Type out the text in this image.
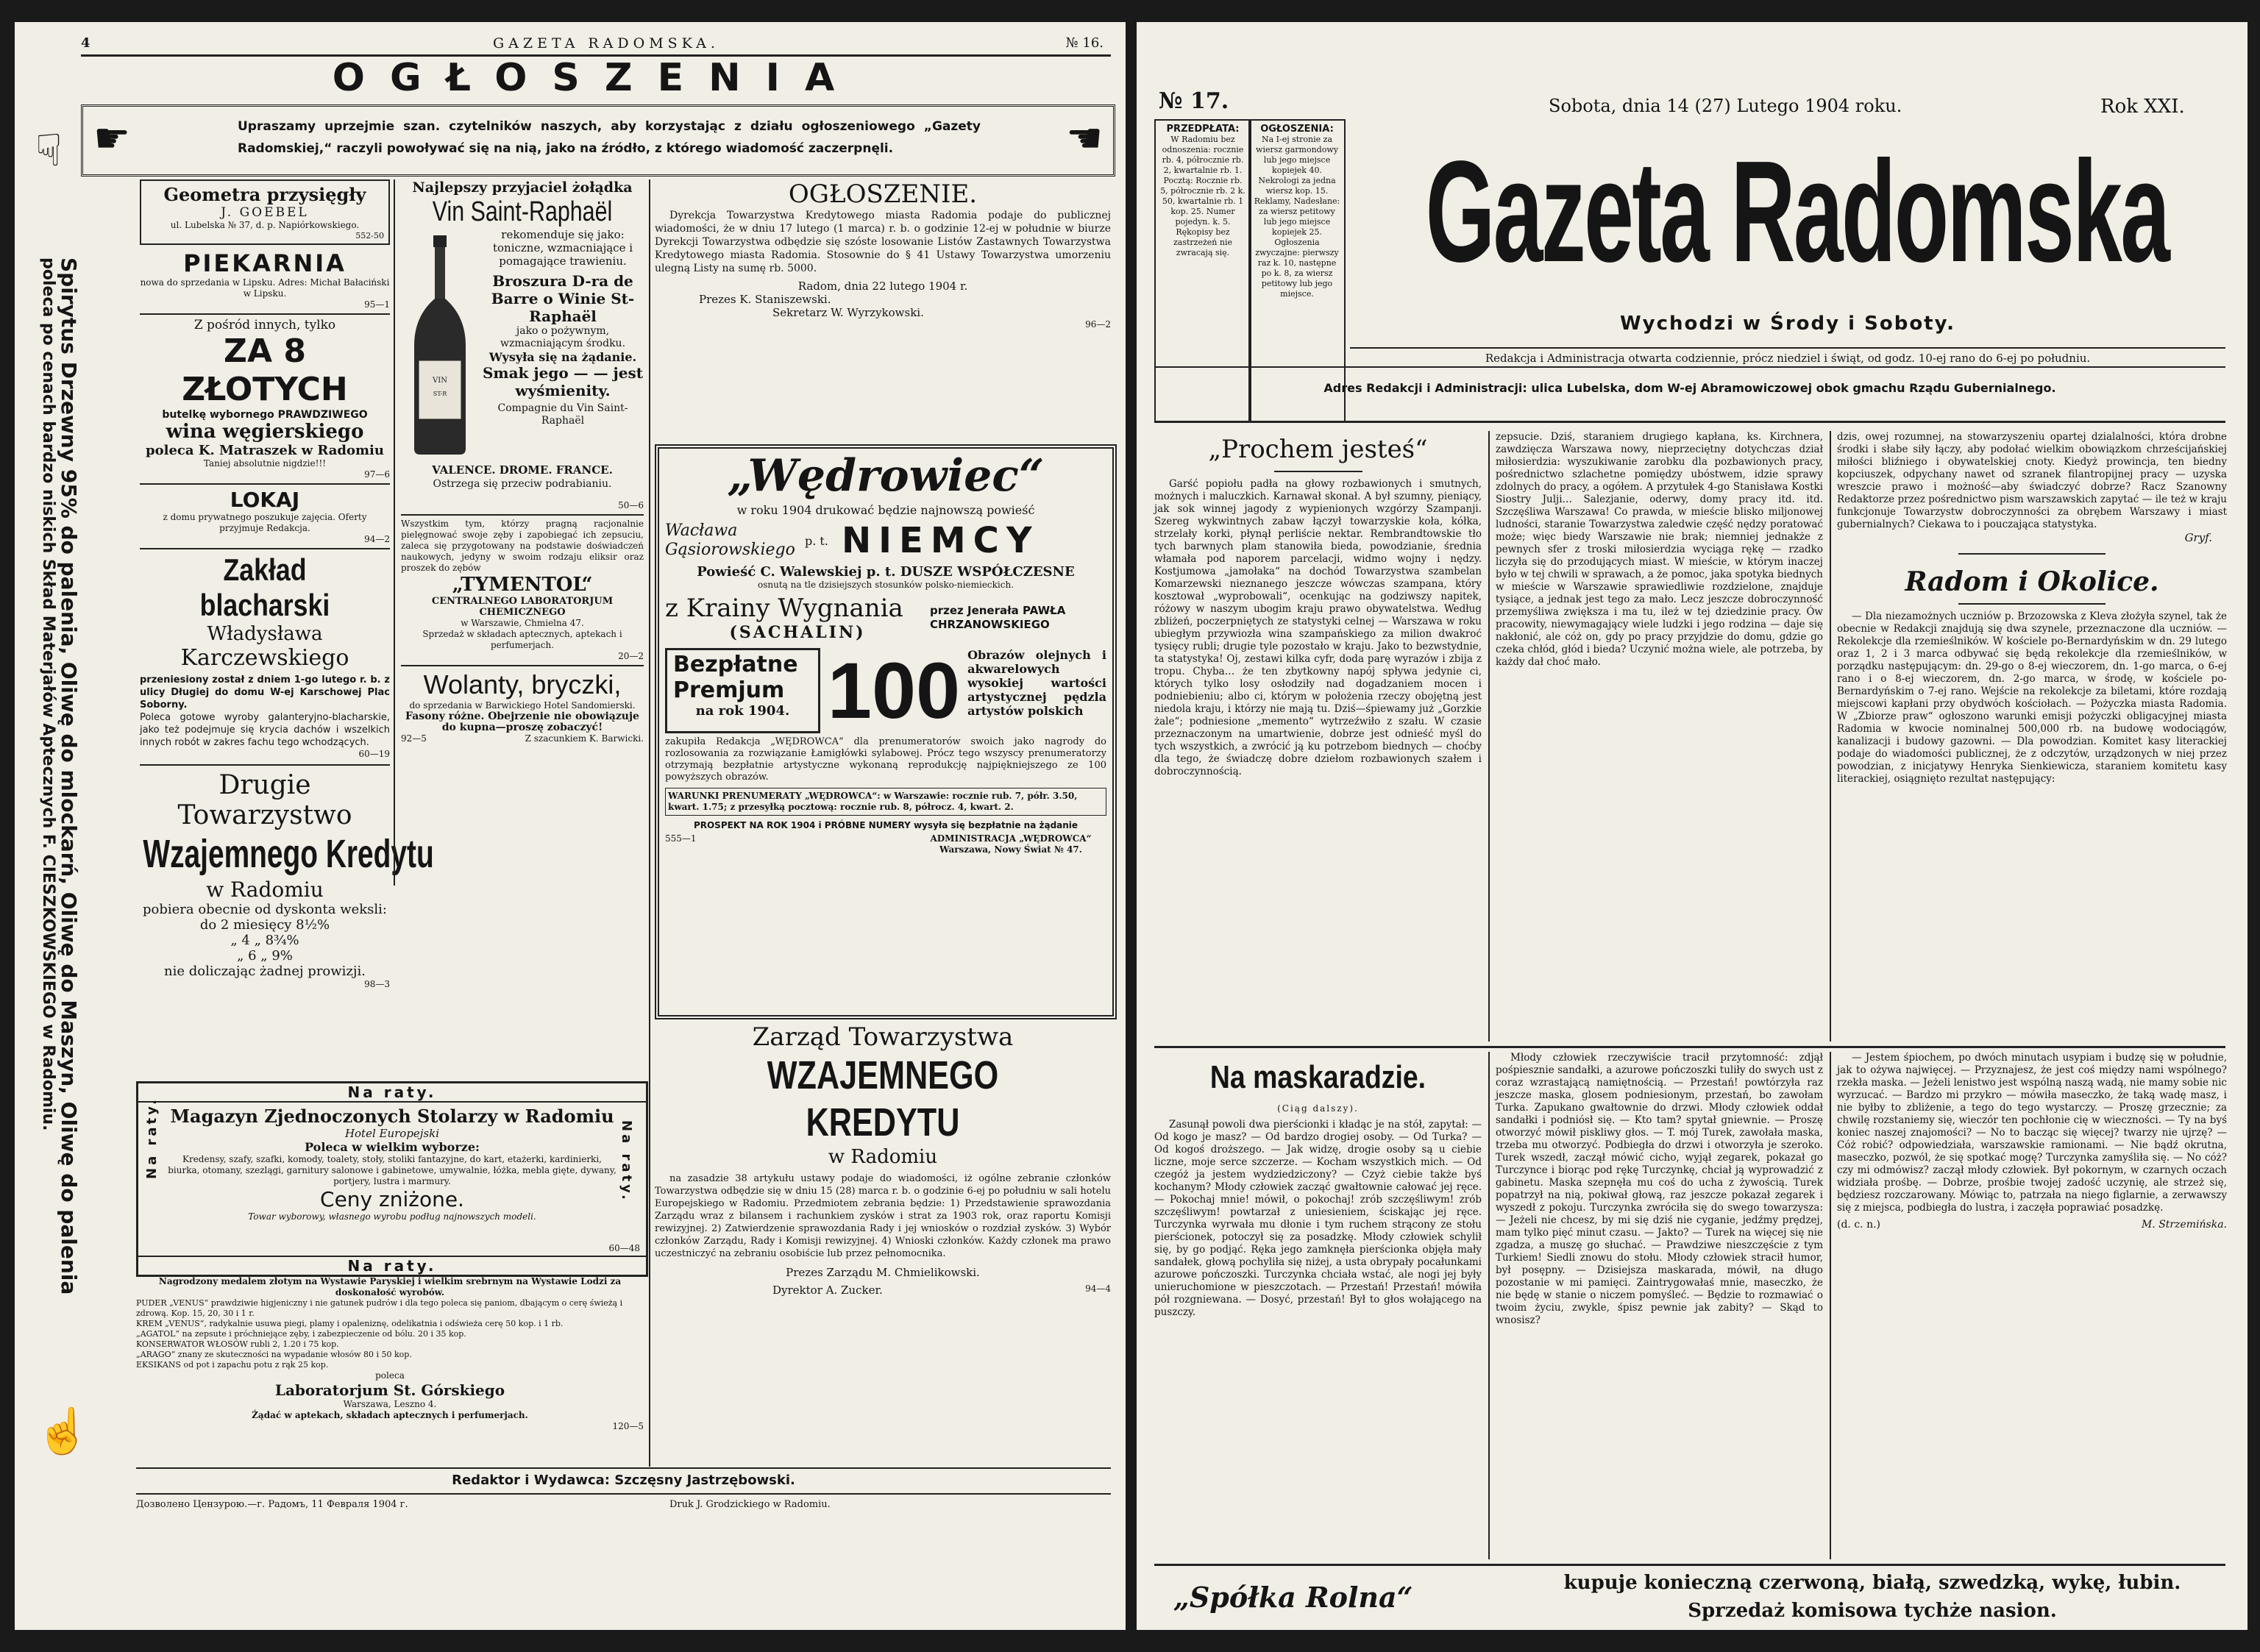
4	GAZETA RADOMSKA.	№ 16.
OGŁOSZENIA
☛	Upraszamy uprzejmie szan. czytelników naszych, aby korzystając z działu ogłoszeniowego „Gazety Radomskiej,“ raczyli powoływać się na nią, jako na źródło, z którego wiadomość zaczerpnęli.	☛
☟
Spirytus Drzewny 95% do palenia, Oliwę do mlockarń, Oliwę do Maszyn, Oliwę do palenia
poleca po cenach bardzo niskich Skład Materjałów Aptecznych F. CIESZKOWSKIEGO w Radomiu.
☝
Geometra przysięgły
J. GOEBEL
ul. Lubelska № 37, d. p. Napiórkowskiego.
552-50
PIEKARNIA
nowa do sprzedania w Lipsku. Adres: Michał Bałaciński w Lipsku.
95—1
Z pośród innych, tylko
ZA 8 ZŁOTYCH
butelkę wybornego PRAWDZIWEGO
wina węgierskiego
poleca K. Matraszek w Radomiu
Taniej absolutnie nigdzie!!!
97—6
LOKAJ
z domu prywatnego poszukuje zajęcia. Oferty przyjmuje Redakcja.
94—2
Zakład blacharski
Władysława
Karczewskiego
przeniesiony został z dniem 1-go lutego r. b. z ulicy Długiej do domu W-ej Karschowej Plac Soborny.
Poleca gotowe wyroby galanteryjno-blacharskie, jako też podejmuje się krycia dachów i wszelkich innych robót w zakres fachu tego wchodzących.
60—19
Drugie Towarzystwo
Wzajemnego Kredytu
w Radomiu
pobiera obecnie od dyskonta weksli:
do 2 miesięcy 8½%
„ 4 „ 8¾%
„ 6 „ 9%
nie doliczając żadnej prowizji.
98—3
Najlepszy przyjaciel żołądka
Vin Saint-Raphaël
VIN
ST-R
rekomenduje się jako: toniczne, wzmacniające i pomagające trawieniu.
Broszura D-ra de Barre o Winie St-Raphaël
jako o pożywnym, wzmacniającym środku.
Wysyła się na żądanie.
Smak jego — — jest wyśmienity.
Compagnie du Vin Saint-Raphaël
VALENCE. DROME. FRANCE.
Ostrzega się przeciw podrabianiu.
50—6
Wszystkim tym, którzy pragną racjonalnie pielęgnować swoje zęby i zapobiegać ich zepsuciu, zaleca się przygotowany na podstawie doświadczeń naukowych, jedyny w swoim rodzaju eliksir oraz proszek do zębów
„TYMENTOL“
CENTRALNEGO LABORATORJUM CHEMICZNEGO
w Warszawie, Chmielna 47.
Sprzedaż w składach aptecznych, aptekach i perfumerjach.
20—2
Wolanty, bryczki,
do sprzedania w Barwickiego Hotel Sandomierski.
Fasony różne. Obejrzenie nie obowiązuje do kupna—proszę zobaczyć!
92—5	Z szacunkiem K. Barwicki.
OGŁOSZENIE.
Dyrekcja Towarzystwa Kredytowego miasta Radomia podaje do publicznej wiadomości, że w dniu 17 lutego (1 marca) r. b. o godzinie 12-ej w południe w biurze Dyrekcji Towarzystwa odbędzie się szóste losowanie Listów Zastawnych Towarzystwa Kredytowego miasta Radomia. Stosownie do § 41 Ustawy Towarzystwa umorzeniu ulegną Listy na sumę rb. 5000.
Radom, dnia 22 lutego 1904 r.
Prezes K. Staniszewski.
Sekretarz W. Wyrzykowski.
96—2
„Wędrowiec“
w roku 1904 drukować będzie najnowszą powieść
Wacława Gąsiorowskiego p. t. NIEMCY
Powieść C. Walewskiej p. t. DUSZE WSPÓŁCZESNE
osnutą na tle dzisiejszych stosunków polsko-niemieckich.
z Krainy Wygnania
(SACHALIN)
przez Jenerała PAWŁA CHRZANOWSKIEGO
Bezpłatne
Premjum
na rok 1904. 100 Obrazów olejnych i akwarelowych wysokiej wartości artystycznej pędzla artystów polskich
zakupiła Redakcja „WĘDROWCA“ dla prenumeratorów swoich jako nagrody do rozlosowania za rozwiązanie Łamigłówki sylabowej. Prócz tego wszyscy prenumeratorzy otrzymają bezpłatnie artystyczne wykonaną reprodukcję najpiękniejszego ze 100 powyższych obrazów.
WARUNKI PRENUMERATY „WĘDROWCA“: w Warszawie: rocznie rub. 7, półr. 3.50, kwart. 1.75; z przesyłką pocztową: rocznie rub. 8, półrocz. 4, kwart. 2.
PROSPEKT NA ROK 1904 i PRÓBNE NUMERY wysyła się bezpłatnie na żądanie
555—1	ADMINISTRACJA „WĘDROWCA“ Warszawa, Nowy Świat № 47.
Zarząd Towarzystwa
WZAJEMNEGO KREDYTU
w Radomiu
na zasadzie 38 artykułu ustawy podaje do wiadomości, iż ogólne zebranie członków Towarzystwa odbędzie się w dniu 15 (28) marca r. b. o godzinie 6-ej po południu w sali hotelu Europejskiego w Radomiu. Przedmiotem zebrania będzie: 1) Przedstawienie sprawozdania Zarządu wraz z bilansem i rachunkiem zysków i strat za 1903 rok, oraz raportu Komisji rewizyjnej. 2) Zatwierdzenie sprawozdania Rady i jej wniosków o rozdział zysków. 3) Wybór członków Zarządu, Rady i Komisji rewizyjnej. 4) Wnioski członków. Każdy członek ma prawo uczestniczyć na zebraniu osobiście lub przez pełnomocnika.
Prezes Zarządu M. Chmielikowski.
Dyrektor A. Zucker.	94—4
Na raty.
Na raty.	Na raty.
Magazyn Zjednoczonych Stolarzy w Radomiu
Hotel Europejski
Poleca w wielkim wyborze:
Kredensy, szafy, szafki, komody, toalety, stoły, stoliki fantazyjne, do kart, etażerki, kardinierki, biurka, otomany, szezlągi, garnitury salonowe i gabinetowe, umywalnie, łóżka, mebla gięte, dywany, portjery, lustra i marmury.
Ceny zniżone.
Towar wyborowy, własnego wyrobu podług najnowszych modeli.
60—48
Na raty.
Nagrodzony medalem złotym na Wystawie Paryskiej i wielkim srebrnym na Wystawie Lodzi za doskonałość wyrobów.
PUDER „VENUS“ prawdziwie higjeniczny i nie gatunek pudrów i dla tego poleca się paniom, dbającym o cerę świeżą i zdrową. Kop. 15, 20, 30 i 1 r.
KREM „VENUS“, radykalnie usuwa piegi, plamy i opaleniznę, odelikatnia i odświeża cerę 50 kop. i 1 rb.
„AGATOL“ na zepsute i próchniejące zęby, i zabezpieczenie od bólu. 20 i 35 kop.
KONSERWATOR WŁOSÓW rubli 2, 1.20 i 75 kop.
„ARAGO“ znany ze skuteczności na wypadanie włosów 80 i 50 kop.
EKSIKANS od pot i zapachu potu z rąk 25 kop.
poleca
Laboratorjum St. Górskiego
Warszawa, Leszno 4.
Żądać w aptekach, składach aptecznych i perfumerjach.
120—5
Redaktor i Wydawca: Szczęsny Jastrzębowski.
Дозволено Цензурою.—г. Радомъ, 11 Февраля 1904 г.	Druk J. Grodzickiego w Radomiu.
№ 17.	Sobota, dnia 14 (27) Lutego 1904 roku.	Rok XXI.
PRZEDPŁATA:
W Radomiu bez odnoszenia: rocznie rb. 4, półrocznie rb. 2, kwartalnie rb. 1. Pocztą: Rocznie rb. 5, półrocznie rb. 2 k. 50, kwartalnie rb. 1 kop. 25. Numer pojedyn. k. 5. Rękopisy bez zastrzeżeń nie zwracają się.
OGŁOSZENIA:
Na I-ej stronie za wiersz garmondowy lub jego miejsce kopiejek 40. Nekrologi za jedna wiersz kop. 15. Reklamy, Nadesłane: za wiersz petitowy lub jego miejsce kopiejek 25. Ogłoszenia zwyczajne: pierwszy raz k. 10, następne po k. 8, za wiersz petitowy lub jego miejsce.
Gazeta Radomska
Wychodzi w Środy i Soboty.
Redakcja i Administracja otwarta codziennie, prócz niedziel i świąt, od godz. 10-ej rano do 6-ej po południu.
Adres Redakcji i Administracji: ulica Lubelska, dom W-ej Abramowiczowej obok gmachu Rządu Gubernialnego.
„Prochem jesteś“
Garść popiołu padła na głowy rozbawionych i smutnych, możnych i maluczkich. Karnawał skonał. A był szumny, pieniący, jak sok winnej jagody z wypienionych wzgórzy Szampanji. Szereg wykwintnych zabaw łączył towarzyskie koła, kółka, strzelały korki, płynął perliście nektar. Rembrandtowskie tło tych barwnych plam stanowiła bieda, powodzianie, średnia włamała pod naporem parcelacji, widmo wojny i nędzy. Kostjumowa „jamołaka“ na dochód Towarzystwa szambelan Komarzewski nieznanego jeszcze wówczas szampana, który kosztował „wyprobowali“, ocenkując na godziwszy napitek, różowy w naszym ubogim kraju prawo obywatelstwa. Według zbliżeń, poczerpniętych ze statystyki celnej — Warszawa w roku ubiegłym przywiozła wina szampańskiego za milion dwakroć tysięcy rubli; drugie tyle pozostało w kraju. Jako to bezwstydnie, ta statystyka! Oj, zestawi kilka cyfr, doda parę wyrazów i zbija z tropu. Chyba… że ten zbytkowny napój spływa jedynie ci, których tylko losy osłodziły nad dogadzaniem mocen i podniebieniu; albo ci, którym w położenia rzeczy obojętną jest niedola kraju, i którzy nie mają tu. Dziś—śpiewamy już „Gorzkie żale“; podniesione „memento“ wytrzeźwiło z szału. W czasie przeznaczonym na umartwienie, dobrze jest odnieść myśl do tych wszystkich, a zwrócić ją ku potrzebom biednych — choćby dla tego, że świadczę dobre dziełom rozbawionych szałem i dobroczynnością.
zepsucie. Dziś, staraniem drugiego kapłana, ks. Kirchnera, zawdzięcza Warszawa nowy, nieprzeciętny dotychczas dział miłosierdzia: wyszukiwanie zarobku dla pozbawionych pracy, pośrednictwo szlachetne pomiędzy ubóstwem, idzie sprawy zdolnych do pracy, a ogółem. A przytułek 4-go Stanisława Kostki Siostry Julji… Salezjanie, oderwy, domy pracy itd. itd. Szczęśliwa Warszawa! Co prawda, w mieście blisko miljonowej ludności, staranie Towarzystwa zaledwie część nędzy poratować może; więc biedy Warszawie nie brak; niemniej jednakże z pewnych sfer z troski miłosierdzia wyciąga rękę — rzadko liczyła się do przodujących miast. W mieście, w którym inaczej było w tej chwili w sprawach, a że pomoc, jaka spotyka biednych w mieście w Warszawie sprawiedliwie rozdzielone, znajduje tysiące, a jednak jest tego za mało. Lecz jeszcze dobroczynność przemyśliwa zwiększa i ma tu, ileż w tej dziedzinie pracy. Ów pracowity, niewymagający wiele ludzki i jego rodzina — daje się nakłonić, ale cóż on, gdy po pracy przyjdzie do domu, gdzie go czeka chłód, głód i bieda? Uczynić można wiele, ale potrzeba, by każdy dał choć mało.
dzis, owej rozumnej, na stowarzyszeniu opartej dzialalności, która drobne środki i słabe siły łączy, aby podołać wielkim obowiązkom chrześcijańskiej miłości bliźniego i obywatelskiej cnoty. Kiedyż prowincja, ten biedny kopciuszek, odpychany nawet od szranek filantropijnej pracy — uzyska wreszcie prawo i możność—aby świadczyć dobrze? Racz Szanowny Redaktorze przez pośrednictwo pism warszawskich zapytać — ile też w kraju funkcjonuje Towarzystw dobroczynności za obrębem Warszawy i miast gubernialnych? Ciekawa to i pouczająca statystyka.
Gryf.
Radom i Okolice.
— Dla niezamożnych uczniów p. Brzozowska z Kleva złożyła szynel, tak że obecnie w Redakcji znajdują się dwa szynele, przeznaczone dla uczniów. — Rekolekcje dla rzemieślników. W kościele po-Bernardyńskim w dn. 29 lutego oraz 1, 2 i 3 marca odbywać się będą rekolekcje dla rzemieślników, w porządku następującym: dn. 29-go o 8-ej wieczorem, dn. 1-go marca, o 6-ej rano i o 8-ej wieczorem, dn. 2-go marca, w środę, w kościele po-Bernardyńskim o 7-ej rano. Wejście na rekolekcje za biletami, które rozdają miejscowi kapłani przy obydwóch kościołach. — Pożyczka miasta Radomia. W „Zbiorze praw“ ogłoszono warunki emisji pożyczki obligacyjnej miasta Radomia w kwocie nominalnej 500,000 rb. na budowę wodociągów, kanalizacji i budowy gazowni. — Dla powodzian. Komitet kasy literackiej podaje do wiadomości publicznej, że z odczytów, urządzonych w niej przez powodzian, z inicjatywy Henryka Sienkiewicza, staraniem komitetu kasy literackiej, osiągnięto rezultat następujący:
Na maskaradzie.
(Ciąg dalszy).
Zasunął powoli dwa pierścionki i kładąc je na stół, zapytał: — Od kogo je masz? — Od bardzo drogiej osoby. — Od Turka? — Od kogoś droższego. — Jak widzę, drogie osoby są u ciebie liczne, moje serce szczerze. — Kocham wszystkich mich. — Od czegóż ja jestem wydziedziczony? — Czyż ciebie także byś kochanym? Młody człowiek zacząć gwałtownie całować jej ręce. — Pokochaj mnie! mówił, o pokochaj! zrób szczęśliwym! zrób szczęśliwym! powtarzał z uniesieniem, ściskając jej ręce. Turczynka wyrwała mu dłonie i tym ruchem strącony ze stołu pierścionek, potoczył się za posadzkę. Młody człowiek schylił się, by go podjąć. Ręka jego zamknęła pierścionka objęła mały sandałek, głową pochyliła się niżej, a usta obrypały pocałunkami azurowe pończoszki. Turczynka chciała wstać, ale nogi jej były unieruchomione w pieszczotach. — Przestań! Przestań! mówiła pół rozgniewana. — Dosyć, przestań! Był to głos wołającego na puszczy.
Młody człowiek rzeczywiście tracił przytomność: zdjął pośpiesznie sandałki, a azurowe pończoszki tuliły do swych ust z coraz wzrastającą namiętnością. — Przestań! powtórzyła raz jeszcze maska, glosem podniesionym, przestań, bo zawołam Turka. Zapukano gwałtownie do drzwi. Młody człowiek oddał sandałki i podniósł się. — Kto tam? spytał gniewnie. — Proszę otworzyć mówił piskliwy głos. — T. mój Turek, zawołała maska, trzeba mu otworzyć. Podbiegła do drzwi i otworzyła je szeroko. Turek wszedł, zaczął mówić cicho, wyjął zegarek, pokazał go Turczynce i biorąc pod rękę Turczynkę, chciał ją wyprowadzić z gabinetu. Maska szepnęła mu coś do ucha z żywością. Turek popatrzył na nią, pokiwał głową, raz jeszcze pokazał zegarek i wyszedł z pokoju. Turczynka zwróciła się do swego towarzysza: — Jeżeli nie chcesz, by mi się dziś nie cyganie, jedźmy prędzej, mam tylko pięć minut czasu. — Jakto? — Turek na więcej się nie zgadza, a muszę go słuchać. — Prawdziwe nieszczęście z tym Turkiem! Siedli znowu do stołu. Młody człowiek stracił humor, był posępny. — Dzisiejsza maskarada, mówił, na długo pozostanie w mi pamięci. Zaintrygowałaś mnie, maseczko, że nie będę w stanie o niczem pomyśleć. — Będzie to rozmawiać o twoim życiu, zwykle, śpisz pewnie jak zabity? — Skąd to wnosisz?
— Jestem śpiochem, po dwóch minutach usypiam i budzę się w południe, jak to ożywa najwięcej. — Przyznajesz, że jest coś między nami wspólnego? rzekła maska. — Jeżeli lenistwo jest wspólną naszą wadą, nie mamy sobie nic wyrzucać. — Bardzo mi przykro — mówiła maseczko, że taką wadę masz, i nie byłby to zbliżenie, a tego do tego wystarczy. — Proszę grzecznie; za chwilę rozstaniemy się, wieczór ten pochłonie cię w wieczności. — Ty na byś koniec naszej znajomości? — No to bacząc się więcej? twarzy nie ujrzę? — Cóż robić? odpowiedziała, warszawskie ramionami. — Nie bądź okrutna, maseczko, pozwól, że się spotkać mogę? Turczynka zamyśliła się. — No cóż? czy mi odmówisz? zaczął młody człowiek. Był pokornym, w czarnych oczach widziała prośbę. — Dobrze, prośbie twojej zadość uczynię, ale strzeż się, będziesz rozczarowany. Mówiąc to, patrzała na niego figlarnie, a zerwawszy się z miejsca, podbiegła do lustra, i zaczęła poprawiać posadzkę.
(d. c. n.)	M. Strzemińska.
„Spółka Rolna“	kupuje konieczną czerwoną, białą, szwedzką, wykę, łubin.
Sprzedaż komisowa tychże nasion.
